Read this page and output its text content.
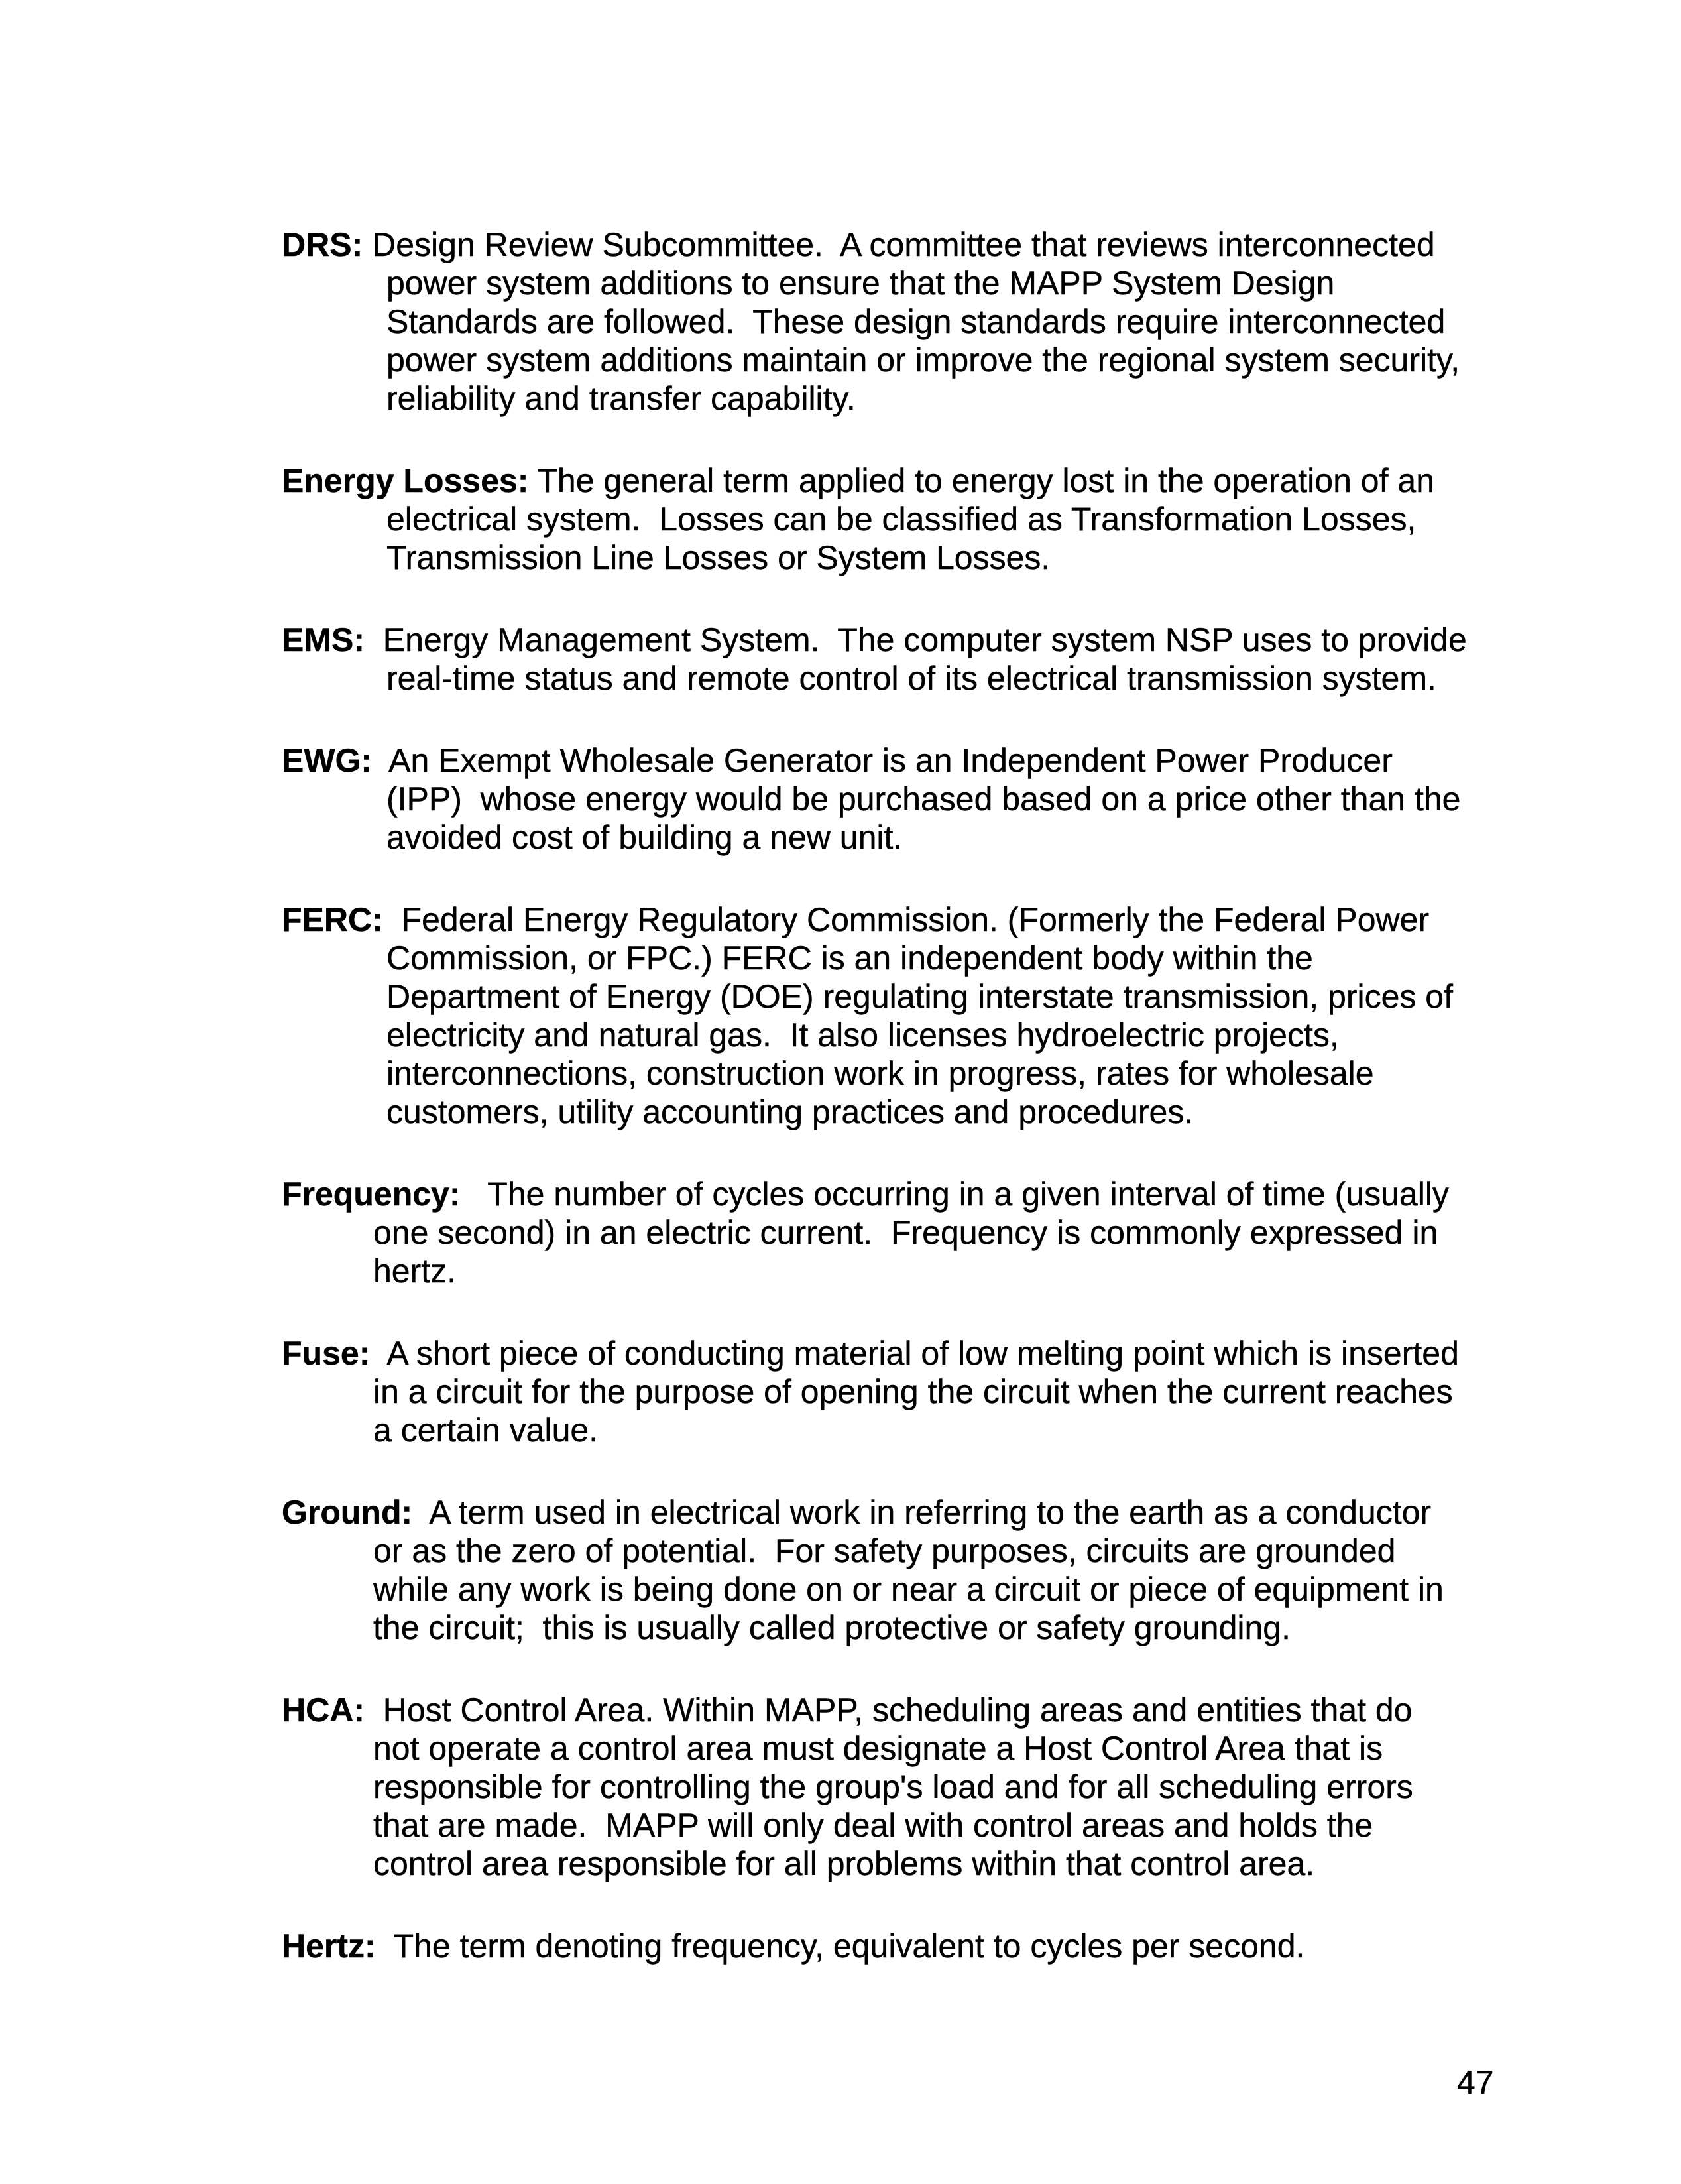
DRS: Design Review Subcommittee.  A committee that reviews interconnected
power system additions to ensure that the MAPP System Design
Standards are followed.  These design standards require interconnected
power system additions maintain or improve the regional system security,
reliability and transfer capability.

Energy Losses: The general term applied to energy lost in the operation of an
electrical system.  Losses can be classified as Transformation Losses,
Transmission Line Losses or System Losses.

EMS:  Energy Management System.  The computer system NSP uses to provide
real-time status and remote control of its electrical transmission system.

EWG:  An Exempt Wholesale Generator is an Independent Power Producer
(IPP)  whose energy would be purchased based on a price other than the
avoided cost of building a new unit.

FERC:  Federal Energy Regulatory Commission. (Formerly the Federal Power
Commission, or FPC.) FERC is an independent body within the
Department of Energy (DOE) regulating interstate transmission, prices of
electricity and natural gas.  It also licenses hydroelectric projects,
interconnections, construction work in progress, rates for wholesale
customers, utility accounting practices and procedures.

Frequency:   The number of cycles occurring in a given interval of time (usually
one second) in an electric current.  Frequency is commonly expressed in
hertz.

Fuse:  A short piece of conducting material of low melting point which is inserted
in a circuit for the purpose of opening the circuit when the current reaches
a certain value.

Ground:  A term used in electrical work in referring to the earth as a conductor
or as the zero of potential.  For safety purposes, circuits are grounded
while any work is being done on or near a circuit or piece of equipment in
the circuit;  this is usually called protective or safety grounding.

HCA:  Host Control Area. Within MAPP, scheduling areas and entities that do
not operate a control area must designate a Host Control Area that is
responsible for controlling the group's load and for all scheduling errors
that are made.  MAPP will only deal with control areas and holds the
control area responsible for all problems within that control area.

Hertz:  The term denoting frequency, equivalent to cycles per second.

47
